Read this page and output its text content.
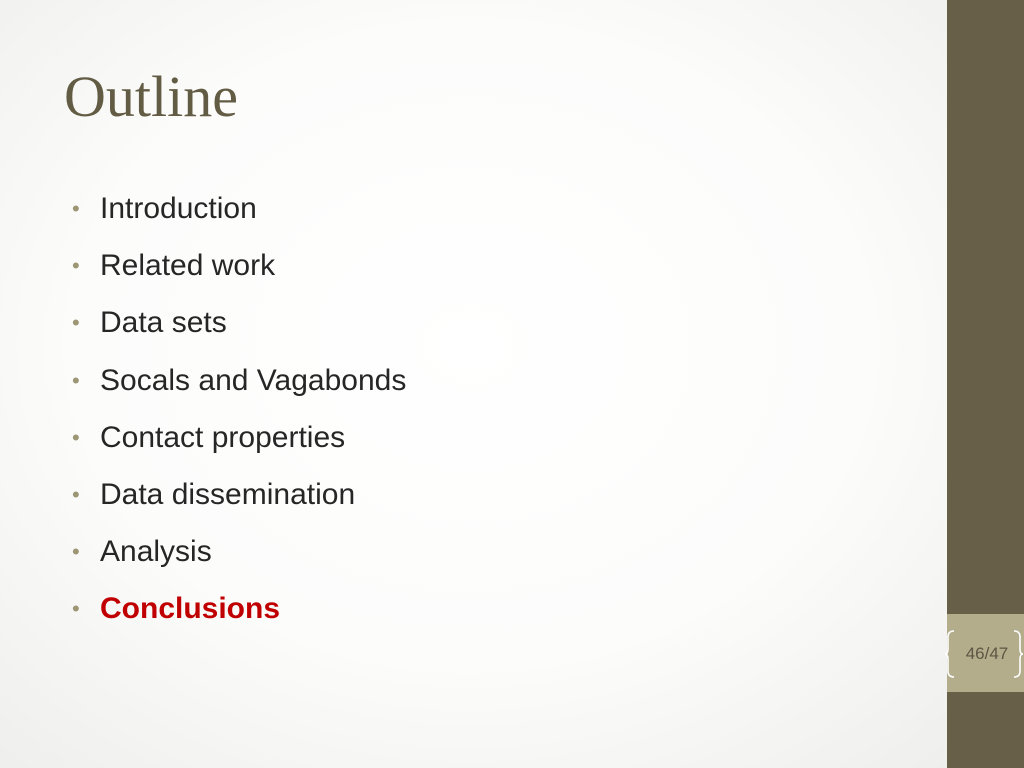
46/47
Outline
• Introduction
• Related work
• Data sets
• Socals and Vagabonds
• Contact properties
• Data dissemination
• Analysis
• Conclusions
